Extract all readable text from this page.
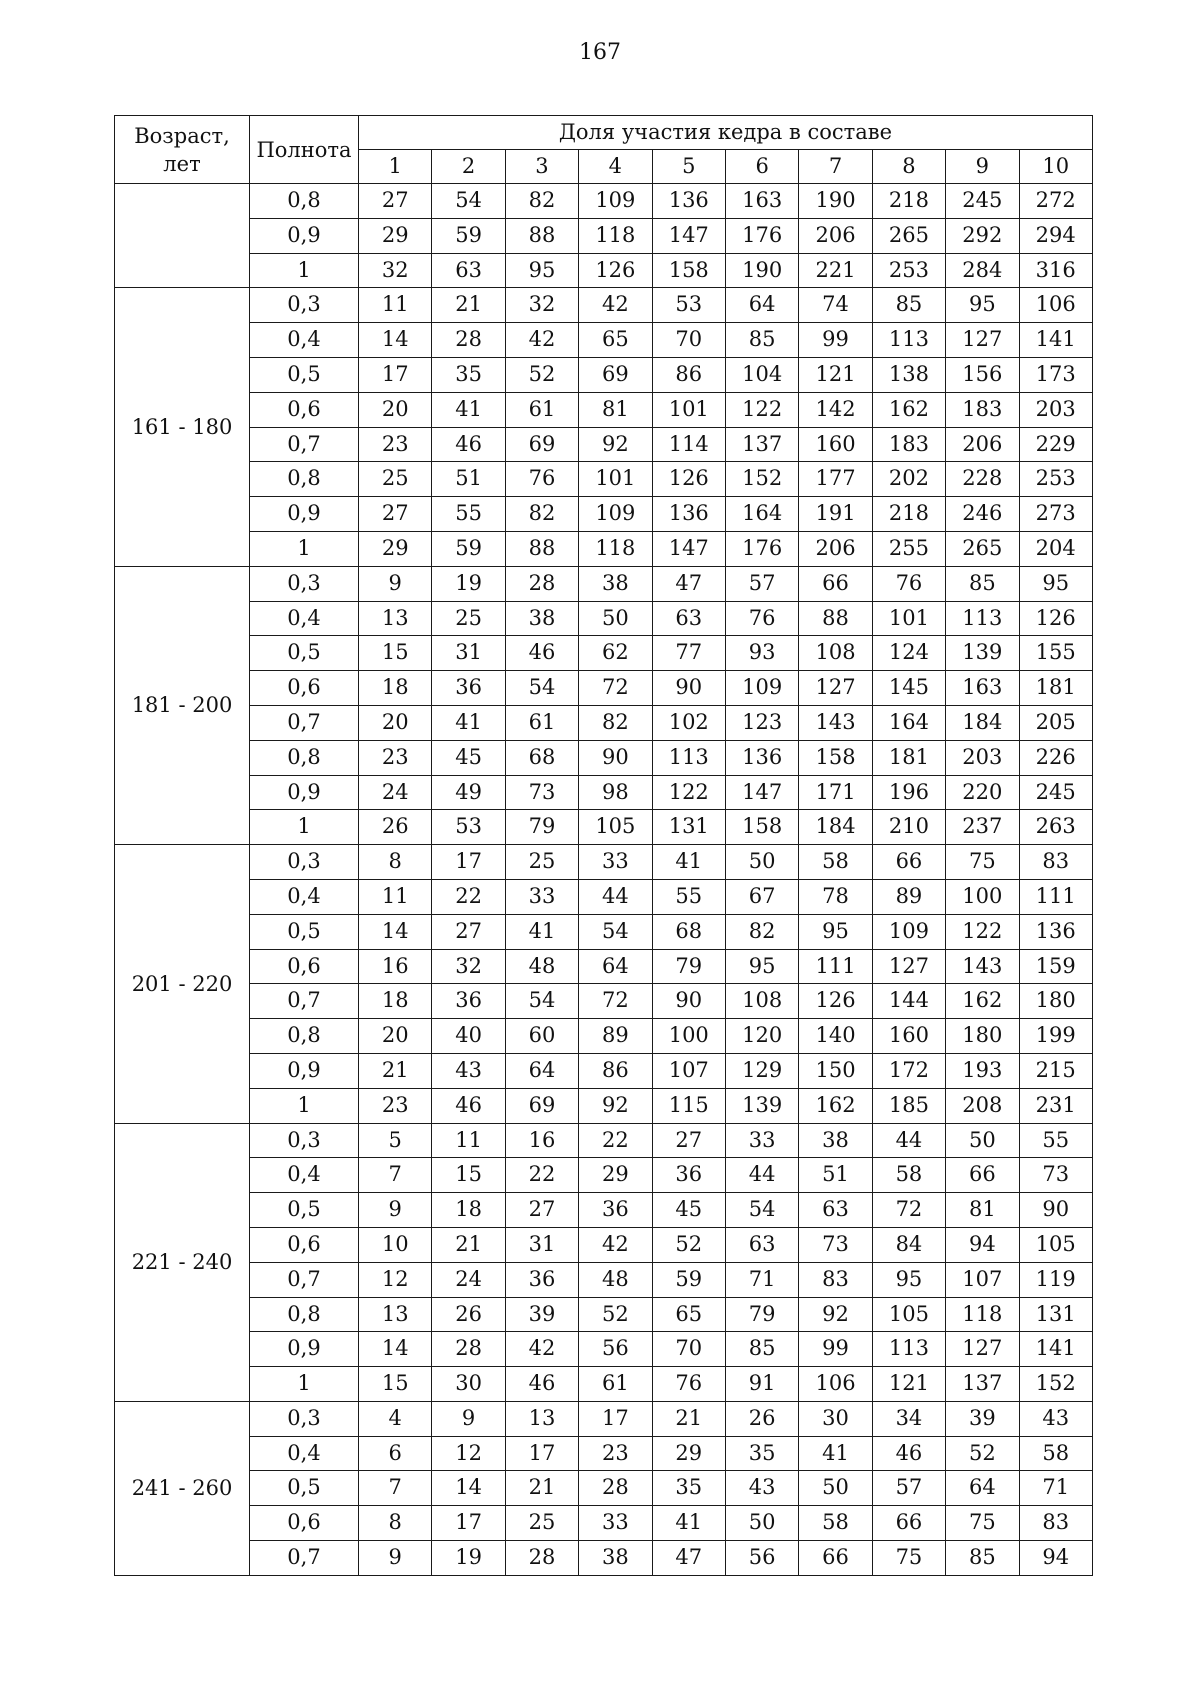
167
Возраст, лет	Полнота	Доля участия кедра в составе									
		1	2	3	4	5	6	7	8	9	10
	0,8	27	54	82	109	136	163	190	218	245	272
	0,9	29	59	88	118	147	176	206	265	292	294
	1	32	63	95	126	158	190	221	253	284	316
161 - 180	0,3	11	21	32	42	53	64	74	85	95	106
	0,4	14	28	42	65	70	85	99	113	127	141
	0,5	17	35	52	69	86	104	121	138	156	173
	0,6	20	41	61	81	101	122	142	162	183	203
	0,7	23	46	69	92	114	137	160	183	206	229
	0,8	25	51	76	101	126	152	177	202	228	253
	0,9	27	55	82	109	136	164	191	218	246	273
	1	29	59	88	118	147	176	206	255	265	204
181 - 200	0,3	9	19	28	38	47	57	66	76	85	95
	0,4	13	25	38	50	63	76	88	101	113	126
	0,5	15	31	46	62	77	93	108	124	139	155
	0,6	18	36	54	72	90	109	127	145	163	181
	0,7	20	41	61	82	102	123	143	164	184	205
	0,8	23	45	68	90	113	136	158	181	203	226
	0,9	24	49	73	98	122	147	171	196	220	245
	1	26	53	79	105	131	158	184	210	237	263
201 - 220	0,3	8	17	25	33	41	50	58	66	75	83
	0,4	11	22	33	44	55	67	78	89	100	111
	0,5	14	27	41	54	68	82	95	109	122	136
	0,6	16	32	48	64	79	95	111	127	143	159
	0,7	18	36	54	72	90	108	126	144	162	180
	0,8	20	40	60	89	100	120	140	160	180	199
	0,9	21	43	64	86	107	129	150	172	193	215
	1	23	46	69	92	115	139	162	185	208	231
221 - 240	0,3	5	11	16	22	27	33	38	44	50	55
	0,4	7	15	22	29	36	44	51	58	66	73
	0,5	9	18	27	36	45	54	63	72	81	90
	0,6	10	21	31	42	52	63	73	84	94	105
	0,7	12	24	36	48	59	71	83	95	107	119
	0,8	13	26	39	52	65	79	92	105	118	131
	0,9	14	28	42	56	70	85	99	113	127	141
	1	15	30	46	61	76	91	106	121	137	152
241 - 260	0,3	4	9	13	17	21	26	30	34	39	43
	0,4	6	12	17	23	29	35	41	46	52	58
	0,5	7	14	21	28	35	43	50	57	64	71
	0,6	8	17	25	33	41	50	58	66	75	83
	0,7	9	19	28	38	47	56	66	75	85	94
